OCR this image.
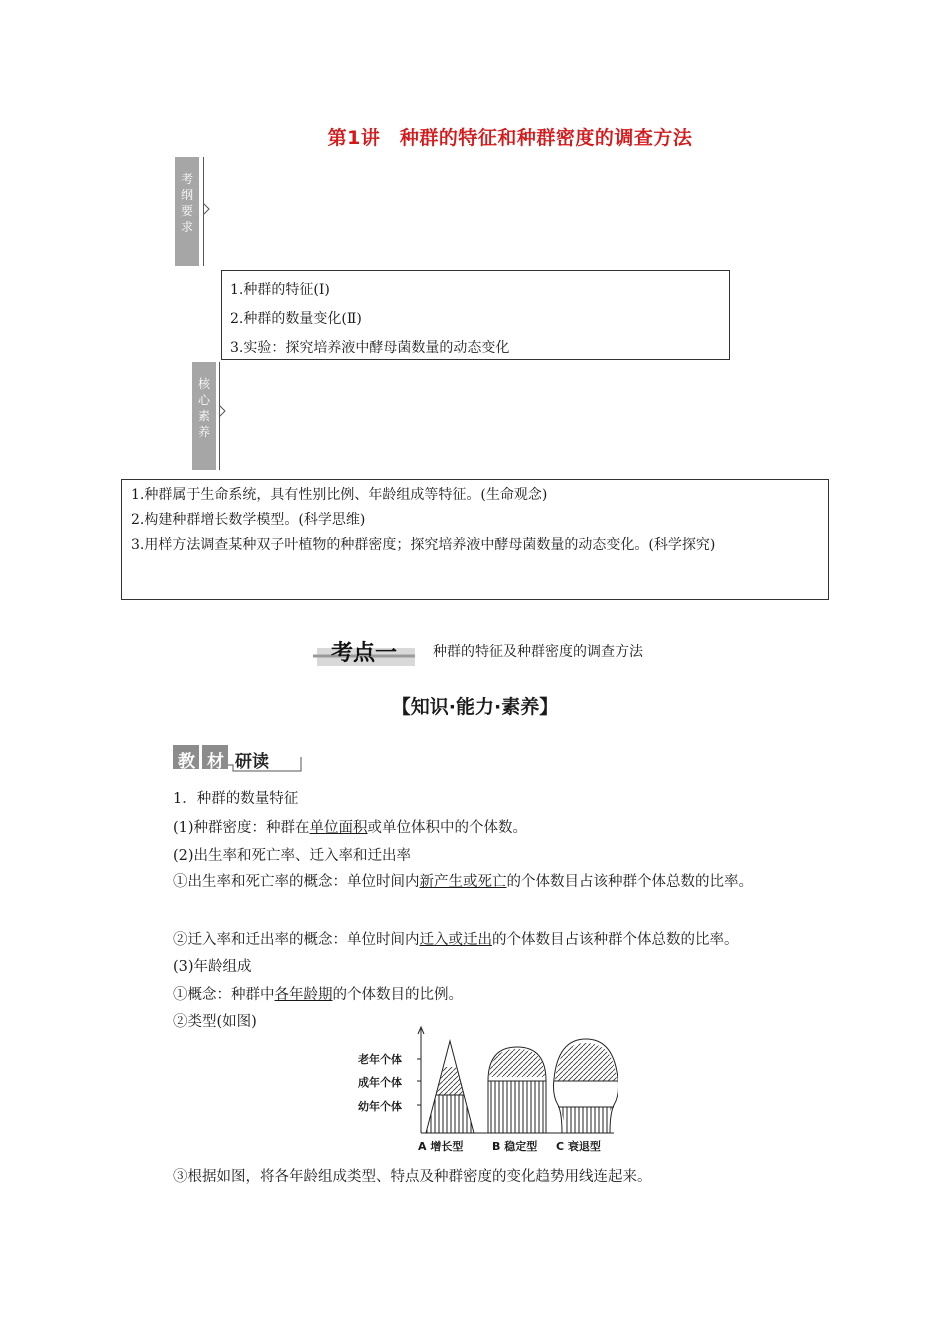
第1讲　种群的特征和种群密度的调查方法
考纲要求
1.种群的特征(Ⅰ)
2.种群的数量变化(Ⅱ)
3.实验：探究培养液中酵母菌数量的动态变化
核心素养
1.种群属于生命系统，具有性别比例、年龄组成等特征。(生命观念)
2.构建种群增长数学模型。(科学思维)
3.用样方法调查某种双子叶植物的种群密度；探究培养液中酵母菌数量的动态变化。(科学探究)
考点一	种群的特征及种群密度的调查方法
【知识·能力·素养】
教 材 研读
1．种群的数量特征
(1)种群密度：种群在单位面积或单位体积中的个体数。
(2)出生率和死亡率、迁入率和迁出率
①出生率和死亡率的概念：单位时间内新产生或死亡的个体数目占该种群个体总数的比率。
②迁入率和迁出率的概念：单位时间内迁入或迁出的个体数目占该种群个体总数的比率。
(3)年龄组成
①概念：种群中各年龄期的个体数目的比例。
②类型(如图)
老年个体
成年个体
幼年个体
A 增长型	B 稳定型 C 衰退型
③根据如图，将各年龄组成类型、特点及种群密度的变化趋势用线连起来。
